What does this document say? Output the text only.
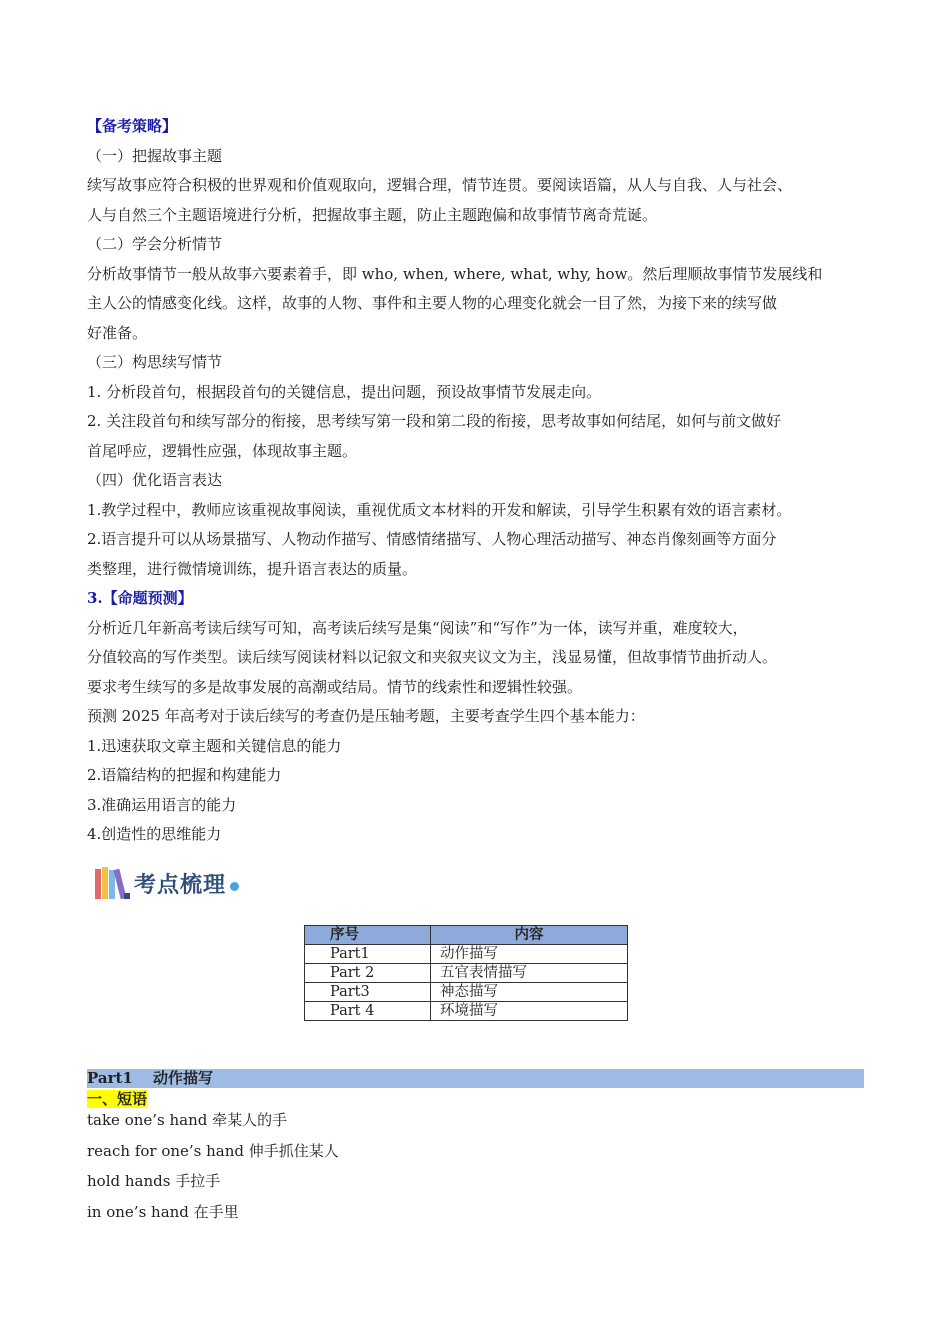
【备考策略】
（一）把握故事主题
续写故事应符合积极的世界观和价值观取向，逻辑合理，情节连贯。要阅读语篇，从人与自我、人与社会、
人与自然三个主题语境进行分析，把握故事主题，防止主题跑偏和故事情节离奇荒诞。
（二）学会分析情节
分析故事情节一般从故事六要素着手，即 who, when, where, what, why, how。然后理顺故事情节发展线和
主人公的情感变化线。这样，故事的人物、事件和主要人物的心理变化就会一目了然，为接下来的续写做
好准备。
（三）构思续写情节
1. 分析段首句，根据段首句的关键信息，提出问题，预设故事情节发展走向。
2. 关注段首句和续写部分的衔接，思考续写第一段和第二段的衔接，思考故事如何结尾，如何与前文做好
首尾呼应，逻辑性应强，体现故事主题。
（四）优化语言表达
1.教学过程中，教师应该重视故事阅读，重视优质文本材料的开发和解读，引导学生积累有效的语言素材。
2.语言提升可以从场景描写、人物动作描写、情感情绪描写、人物心理活动描写、神态肖像刻画等方面分
类整理，进行微情境训练，提升语言表达的质量。
3.【命题预测】
分析近几年新高考读后续写可知，高考读后续写是集“阅读”和“写作”为一体，读写并重，难度较大，
分值较高的写作类型。读后续写阅读材料以记叙文和夹叙夹议文为主，浅显易懂，但故事情节曲折动人。
要求考生续写的多是故事发展的高潮或结局。情节的线索性和逻辑性较强。
预测 2025 年高考对于读后续写的考查仍是压轴考题，主要考查学生四个基本能力：
1.迅速获取文章主题和关键信息的能力
2.语篇结构的把握和构建能力
3.准确运用语言的能力
4.创造性的思维能力
考点梳理
序号	内容
Part1	动作描写
Part 2	五官表情描写
Part3	神态描写
Part 4	环境描写
Part1 动作描写
一、短语
take one’s hand 牵某人的手
reach for one’s hand 伸手抓住某人
hold hands 手拉手
in one’s hand 在手里
